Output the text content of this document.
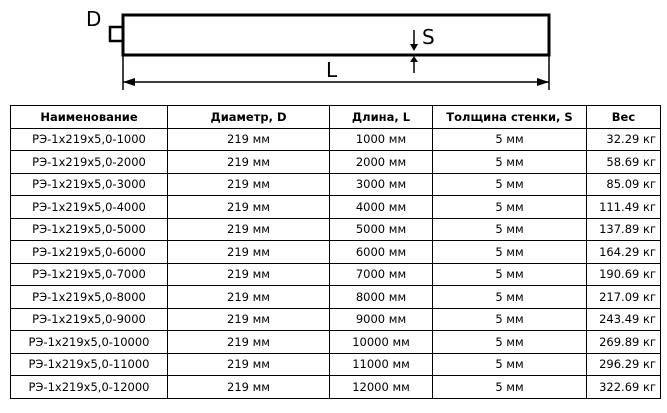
D
S
L
Наименование	Диаметр, D	Длина, L	Толщина стенки, S	Вес
РЭ-1х219х5,0-1000	219 мм	1000 мм	5 мм	32.29 кг
РЭ-1х219х5,0-2000	219 мм	2000 мм	5 мм	58.69 кг
РЭ-1х219х5,0-3000	219 мм	3000 мм	5 мм	85.09 кг
РЭ-1х219х5,0-4000	219 мм	4000 мм	5 мм	111.49 кг
РЭ-1х219х5,0-5000	219 мм	5000 мм	5 мм	137.89 кг
РЭ-1х219х5,0-6000	219 мм	6000 мм	5 мм	164.29 кг
РЭ-1х219х5,0-7000	219 мм	7000 мм	5 мм	190.69 кг
РЭ-1х219х5,0-8000	219 мм	8000 мм	5 мм	217.09 кг
РЭ-1х219х5,0-9000	219 мм	9000 мм	5 мм	243.49 кг
РЭ-1х219х5,0-10000	219 мм	10000 мм	5 мм	269.89 кг
РЭ-1х219х5,0-11000	219 мм	11000 мм	5 мм	296.29 кг
РЭ-1х219х5,0-12000	219 мм	12000 мм	5 мм	322.69 кг
